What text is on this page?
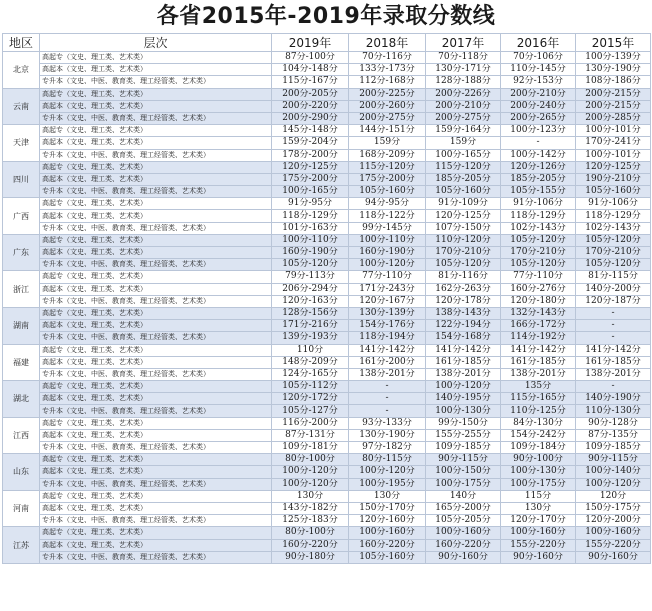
各省2015年-2019年录取分数线
地区	层次	2019年	2018年	2017年	2016年	2015年
北京	高起专（文史、理工类、艺术类）	87分-100分	70分-116分	70分-118分	70分-106分	100分-139分
	高起本（文史、理工类、艺术类）	104分-148分	133分-173分	130分-171分	110分-145分	130分-190分
	专升本（文史、中医、教育类、理工经管类、艺术类）	115分-167分	112分-168分	128分-188分	92分-153分	108分-186分
云南	高起专（文史、理工类、艺术类）	200分-205分	200分-225分	200分-226分	200分-210分	200分-215分
	高起本（文史、理工类、艺术类）	200分-220分	200分-260分	200分-210分	200分-240分	200分-215分
	专升本（文史、中医、教育类、理工经管类、艺术类）	200分-290分	200分-275分	200分-275分	200分-265分	200分-285分
天津	高起专（文史、理工类、艺术类）	145分-148分	144分-151分	159分-164分	100分-123分	100分-101分
	高起本（文史、理工类、艺术类）	159分-204分	159分	159分	-	170分-241分
	专升本（文史、中医、教育类、理工经管类、艺术类）	178分-200分	168分-209分	100分-165分	100分-142分	100分-101分
四川	高起专（文史、理工类、艺术类）	120分-125分	115分-120分	115分-120分	120分-126分	120分-125分
	高起本（文史、理工类、艺术类）	175分-200分	175分-200分	185分-205分	185分-205分	190分-210分
	专升本（文史、中医、教育类、理工经管类、艺术类）	100分-165分	105分-160分	105分-160分	105分-155分	105分-160分
广西	高起专（文史、理工类、艺术类）	91分-95分	94分-95分	91分-109分	91分-106分	91分-106分
	高起本（文史、理工类、艺术类）	118分-129分	118分-122分	120分-125分	118分-129分	118分-129分
	专升本（文史、中医、教育类、理工经管类、艺术类）	101分-163分	99分-145分	107分-150分	102分-143分	102分-143分
广东	高起专（文史、理工类、艺术类）	100分-110分	100分-110分	110分-120分	105分-120分	105分-120分
	高起本（文史、理工类、艺术类）	160分-190分	160分-190分	170分-210分	170分-210分	170分-210分
	专升本（文史、中医、教育类、理工经管类、艺术类）	105分-120分	100分-120分	105分-120分	105分-120分	105分-120分
浙江	高起专（文史、理工类、艺术类）	79分-113分	77分-110分	81分-116分	77分-110分	81分-115分
	高起本（文史、理工类、艺术类）	206分-294分	171分-243分	162分-263分	160分-276分	140分-200分
	专升本（文史、中医、教育类、理工经管类、艺术类）	120分-163分	120分-167分	120分-178分	120分-180分	120分-187分
湖南	高起专（文史、理工类、艺术类）	128分-156分	130分-139分	138分-143分	132分-143分	-
	高起本（文史、理工类、艺术类）	171分-216分	154分-176分	122分-194分	166分-172分	-
	专升本（文史、中医、教育类、理工经管类、艺术类）	139分-193分	118分-194分	154分-168分	114分-192分	-
福建	高起专（文史、理工类、艺术类）	110分	141分-142分	141分-142分	141分-142分	141分-142分
	高起本（文史、理工类、艺术类）	148分-209分	161分-200分	161分-185分	161分-185分	161分-185分
	专升本（文史、中医、教育类、理工经管类、艺术类）	124分-165分	138分-201分	138分-201分	138分-201分	138分-201分
湖北	高起专（文史、理工类、艺术类）	105分-112分	-	100分-120分	135分	-
	高起本（文史、理工类、艺术类）	120分-172分	-	140分-195分	115分-165分	140分-190分
	专升本（文史、中医、教育类、理工经管类、艺术类）	105分-127分	-	100分-130分	110分-125分	110分-130分
江西	高起专（文史、理工类、艺术类）	116分-200分	93分-133分	99分-150分	84分-130分	90分-128分
	高起本（文史、理工类、艺术类）	87分-131分	130分-190分	155分-255分	154分-242分	87分-135分
	专升本（文史、中医、教育类、理工经管类、艺术类）	109分-181分	97分-182分	109分-185分	109分-184分	109分-185分
山东	高起专（文史、理工类、艺术类）	80分-100分	80分-115分	90分-115分	90分-100分	90分-115分
	高起本（文史、理工类、艺术类）	100分-120分	100分-120分	100分-150分	100分-130分	100分-140分
	专升本（文史、中医、教育类、理工经管类、艺术类）	100分-120分	100分-195分	100分-175分	100分-175分	100分-120分
河南	高起专（文史、理工类、艺术类）	130分	130分	140分	115分	120分
	高起本（文史、理工类、艺术类）	143分-182分	150分-170分	165分-200分	130分	150分-175分
	专升本（文史、中医、教育类、理工经管类、艺术类）	125分-183分	120分-160分	105分-205分	120分-170分	120分-200分
江苏	高起专（文史、理工类、艺术类）	80分-100分	100分-160分	100分-160分	100分-160分	100分-160分
	高起本（文史、理工类、艺术类）	160分-220分	160分-220分	160分-220分	155分-220分	155分-220分
	专升本（文史、中医、教育类、理工经管类、艺术类）	90分-180分	105分-160分	90分-160分	90分-160分	90分-160分
